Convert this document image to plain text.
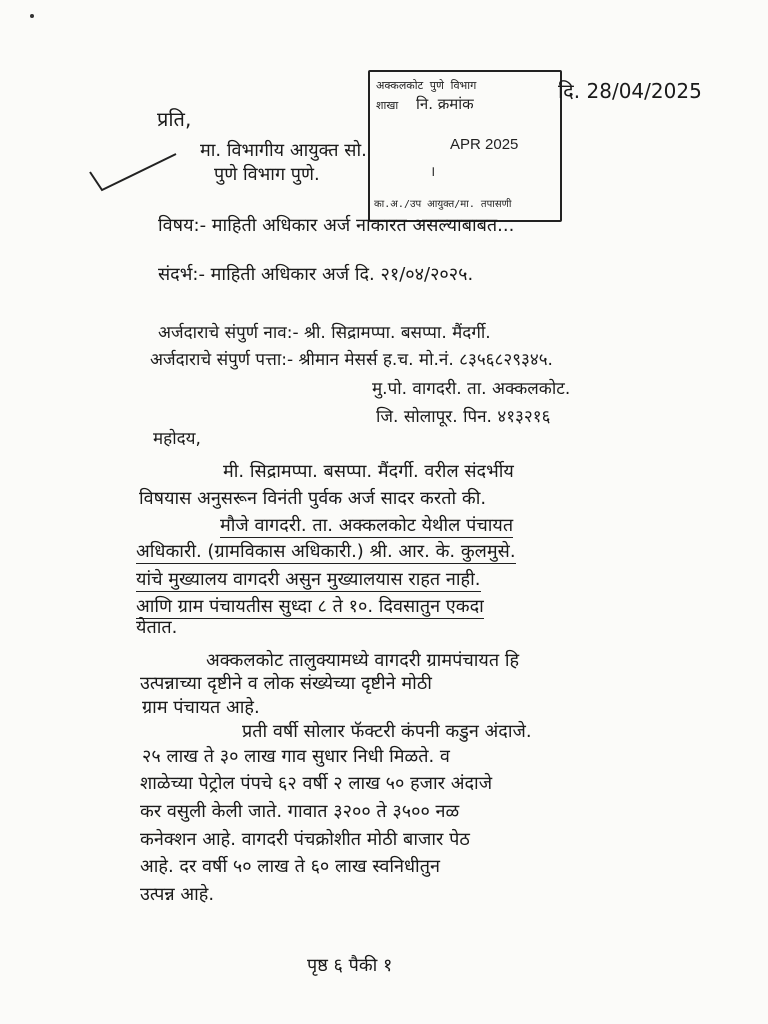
अक्कलकोट पुणे विभाग
शाखा नि. क्रमांक
APR 2025
।
का.अ./उप आयुक्त/मा. तपासणी
दि. 28/04/2025
प्रति,
मा. विभागीय आयुक्त सो.
पुणे विभाग पुणे.
विषय:- माहिती अधिकार अर्ज नाकारत असल्याबाबत...
संदर्भ:- माहिती अधिकार अर्ज दि. २१/०४/२०२५.
अर्जदाराचे संपुर्ण नाव:- श्री. सिद्रामप्पा. बसप्पा. मैंदर्गी.
अर्जदाराचे संपुर्ण पत्ता:- श्रीमान मेसर्स ह.च. मो.नं. ८३५६८२९३४५.
मु.पो. वागदरी. ता. अक्कलकोट.
जि. सोलापूर. पिन. ४१३२१६
महोदय,
मी. सिद्रामप्पा. बसप्पा. मैंदर्गी. वरील संदर्भीय
विषयास अनुसरून विनंती पुर्वक अर्ज सादर करतो की.
मौजे वागदरी. ता. अक्कलकोट येथील पंचायत
अधिकारी. (ग्रामविकास अधिकारी.) श्री. आर. के. कुलमुसे.
यांचे मुख्यालय वागदरी असुन मुख्यालयास राहत नाही.
आणि ग्राम पंचायतीस सुध्दा ८ ते १०. दिवसातुन एकदा
येतात.
अक्कलकोट तालुक्यामध्ये वागदरी ग्रामपंचायत हि
उत्पन्नाच्या दृष्टीने व लोक संख्येच्या दृष्टीने मोठी
ग्राम पंचायत आहे.
प्रती वर्षी सोलार फॅक्टरी कंपनी कडुन अंदाजे.
२५ लाख ते ३० लाख गाव सुधार निधी मिळते. व
शाळेच्या पेट्रोल पंपचे ६२ वर्षी २ लाख ५० हजार अंदाजे
कर वसुली केली जाते. गावात ३२०० ते ३५०० नळ
कनेक्शन आहे. वागदरी पंचक्रोशीत मोठी बाजार पेठ
आहे. दर वर्षी ५० लाख ते ६० लाख स्वनिधीतुन
उत्पन्न आहे.
पृष्ठ ६ पैकी १
